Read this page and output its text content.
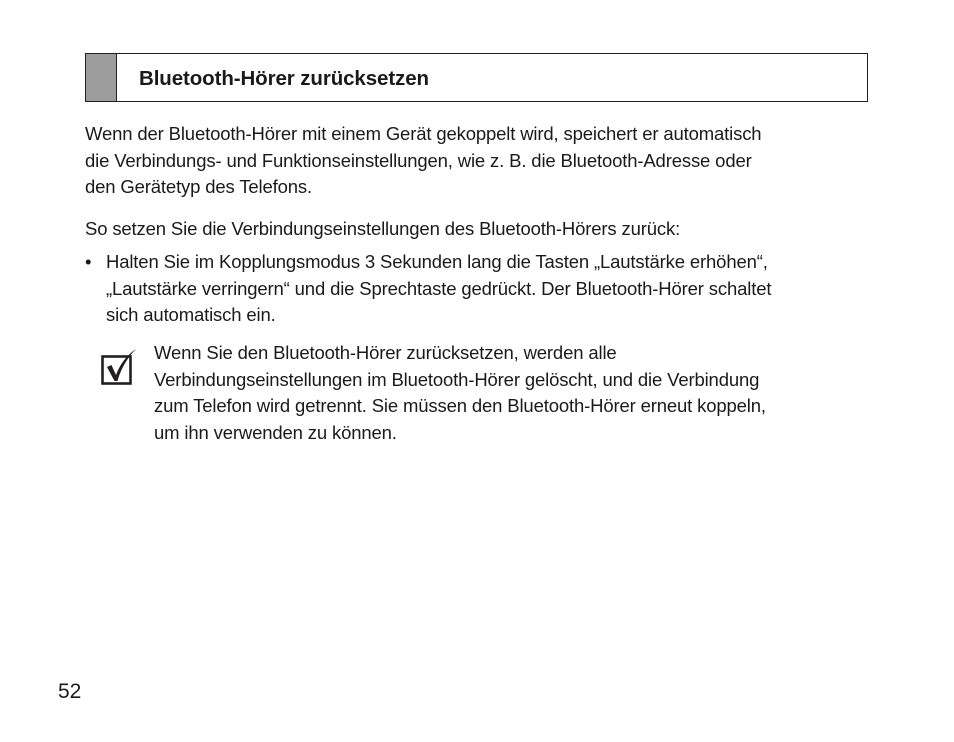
Bluetooth-Hörer zurücksetzen

Wenn der Bluetooth-Hörer mit einem Gerät gekoppelt wird, speichert er automatisch
die Verbindungs- und Funktionseinstellungen, wie z. B. die Bluetooth-Adresse oder
den Gerätetyp des Telefons.

So setzen Sie die Verbindungseinstellungen des Bluetooth-Hörers zurück:

• Halten Sie im Kopplungsmodus 3 Sekunden lang die Tasten „Lautstärke erhöhen“,
„Lautstärke verringern“ und die Sprechtaste gedrückt. Der Bluetooth-Hörer schaltet
sich automatisch ein.

Wenn Sie den Bluetooth-Hörer zurücksetzen, werden alle
Verbindungseinstellungen im Bluetooth-Hörer gelöscht, und die Verbindung
zum Telefon wird getrennt. Sie müssen den Bluetooth-Hörer erneut koppeln,
um ihn verwenden zu können.

52
